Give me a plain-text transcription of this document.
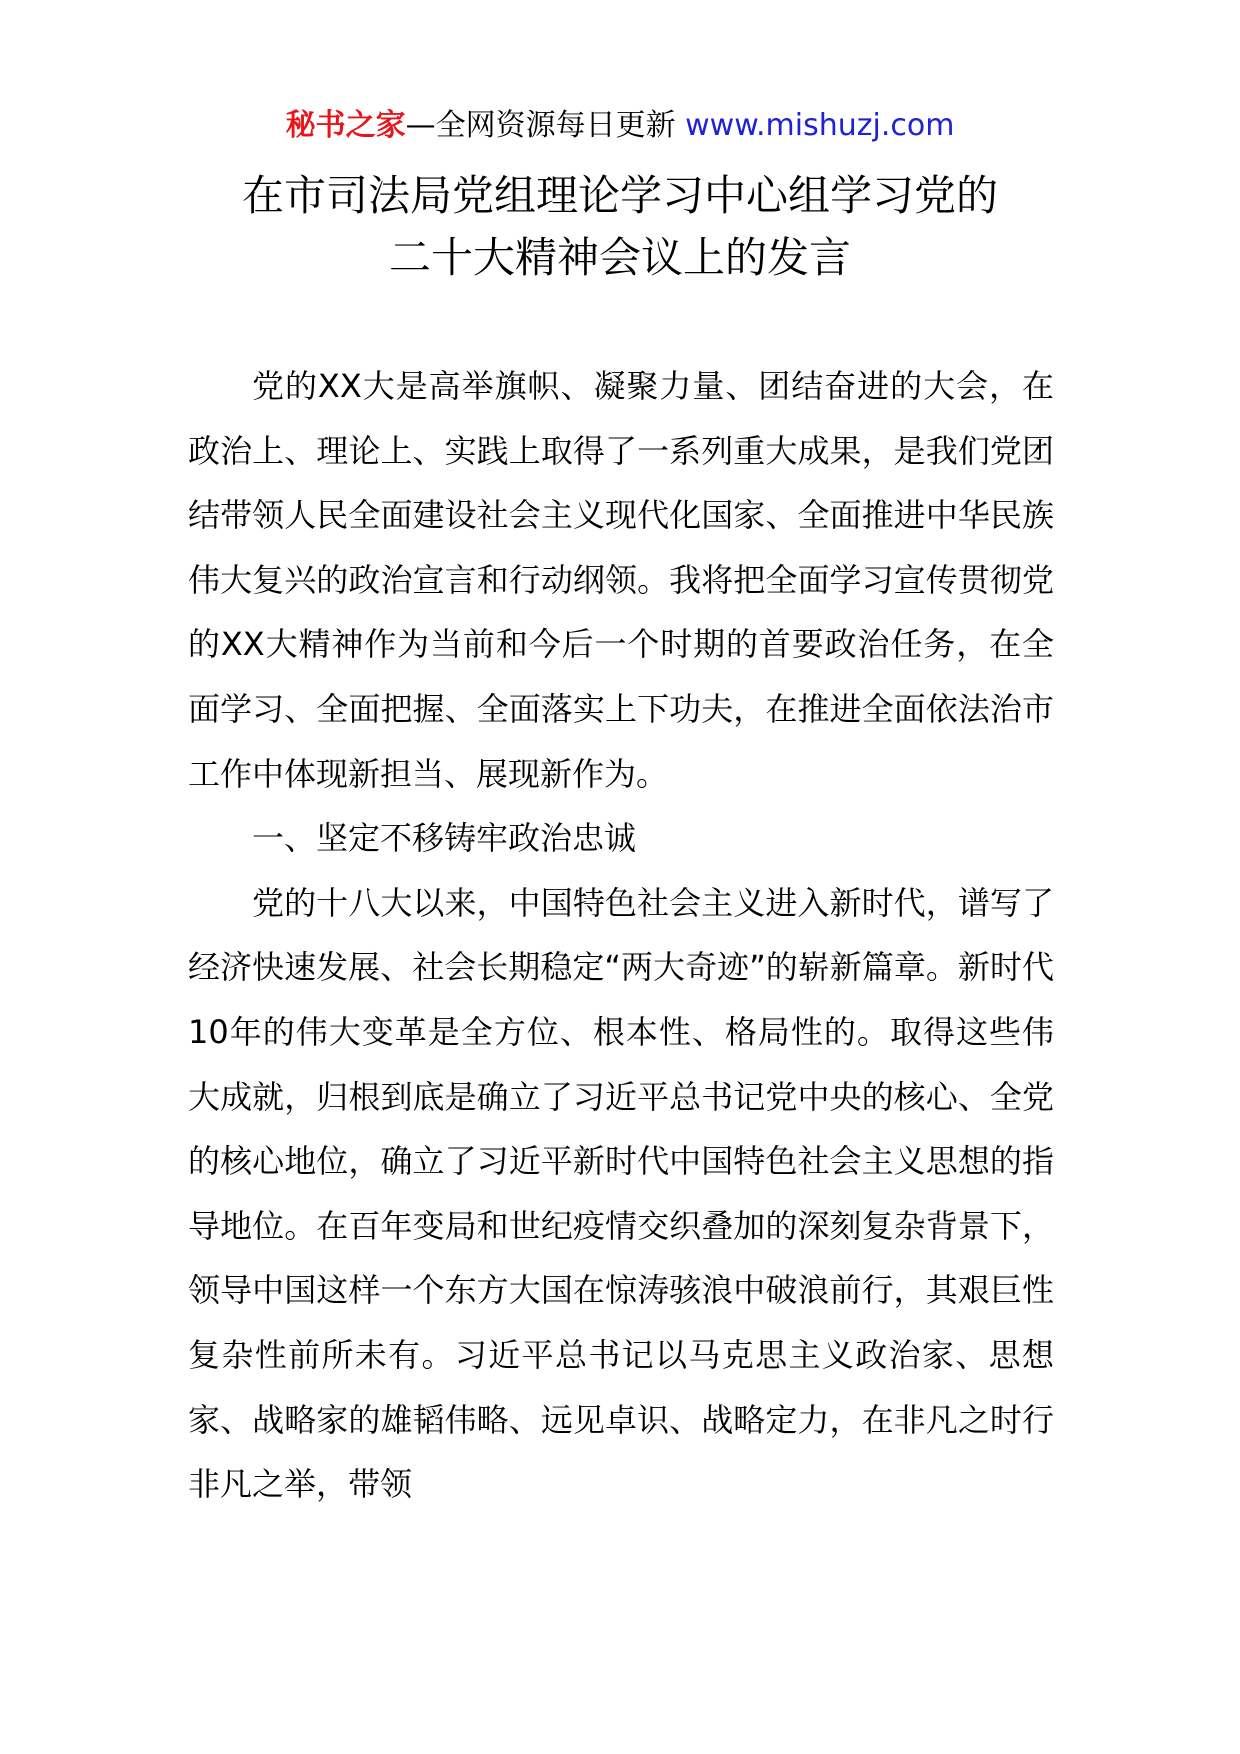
秘书之家—全网资源每日更新 www.mishuzj.com
在市司法局党组理论学习中心组学习党的
二十大精神会议上的发言

党的XX大是高举旗帜、凝聚力量、团结奋进的大会，在政治上、理论上、实践上取得了一系列重大成果，是我们党团结带领人民全面建设社会主义现代化国家、全面推进中华民族伟大复兴的政治宣言和行动纲领。我将把全面学习宣传贯彻党的XX大精神作为当前和今后一个时期的首要政治任务，在全面学习、全面把握、全面落实上下功夫，在推进全面依法治市工作中体现新担当、展现新作为。

一、坚定不移铸牢政治忠诚

党的十八大以来，中国特色社会主义进入新时代，谱写了经济快速发展、社会长期稳定“两大奇迹”的崭新篇章。新时代10年的伟大变革是全方位、根本性、格局性的。取得这些伟大成就，归根到底是确立了习近平总书记党中央的核心、全党的核心地位，确立了习近平新时代中国特色社会主义思想的指导地位。在百年变局和世纪疫情交织叠加的深刻复杂背景下，领导中国这样一个东方大国在惊涛骇浪中破浪前行，其艰巨性复杂性前所未有。习近平总书记以马克思主义政治家、思想家、战略家的雄韬伟略、远见卓识、战略定力，在非凡之时行非凡之举，带领
